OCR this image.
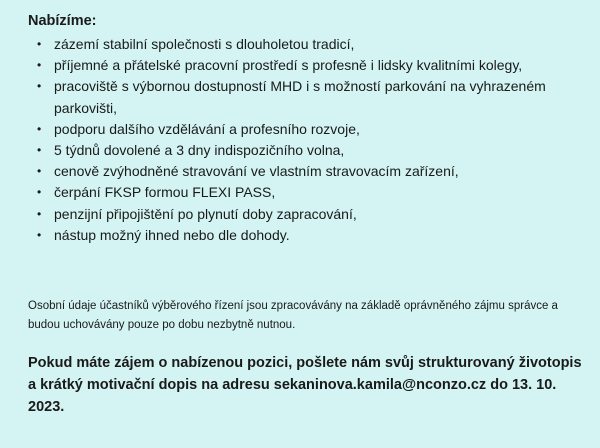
Nabízíme:

• zázemí stabilní společnosti s dlouholetou tradicí,
• příjemné a přátelské pracovní prostředí s profesně i lidsky kvalitními kolegy,
• pracoviště s výbornou dostupností MHD i s možností parkování na vyhrazeném parkovišti,
• podporu dalšího vzdělávání a profesního rozvoje,
• 5 týdnů dovolené a 3 dny indispozičního volna,
• cenově zvýhodněné stravování ve vlastním stravovacím zařízení,
• čerpání FKSP formou FLEXI PASS,
• penzijní připojištění po plynutí doby zapracování,
• nástup možný ihned nebo dle dohody.

Osobní údaje účastníků výběrového řízení jsou zpracovávány na základě oprávněného zájmu správce a budou uchovávány pouze po dobu nezbytně nutnou.

Pokud máte zájem o nabízenou pozici, pošlete nám svůj strukturovaný životopis a krátký motivační dopis na adresu sekaninova.kamila@nconzo.cz do 13. 10. 2023.
